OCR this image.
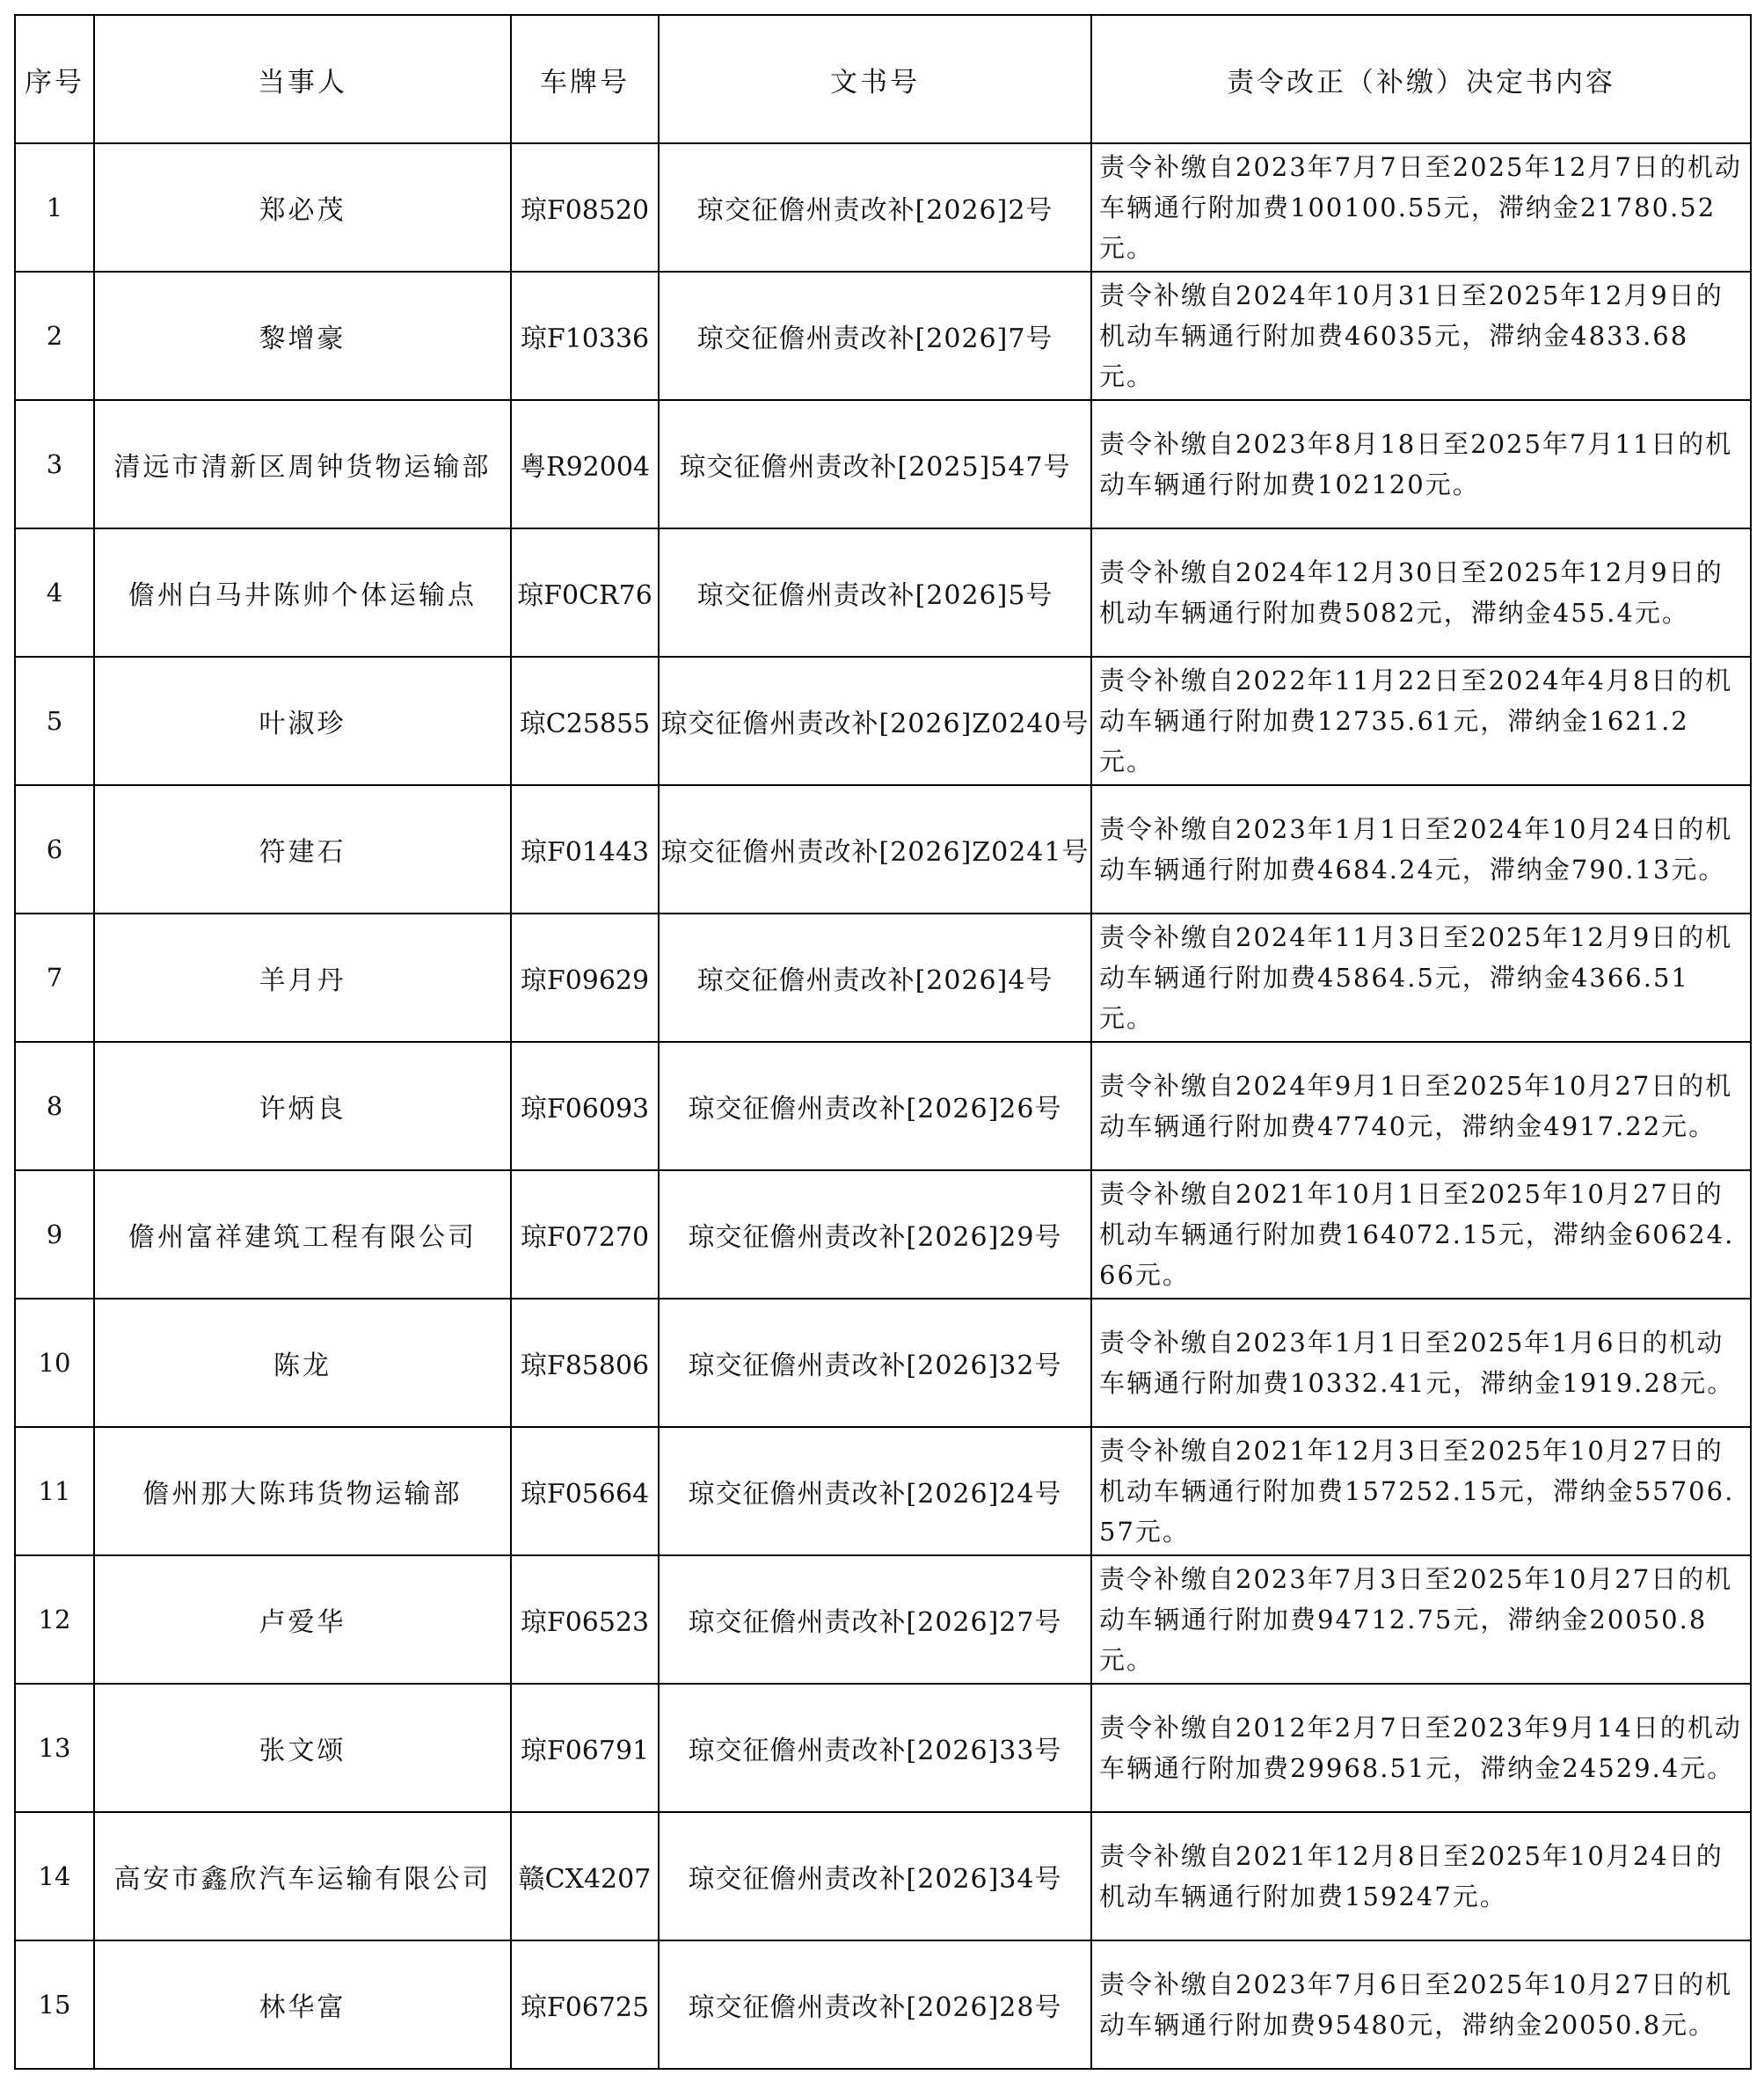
序号	当事人	车牌号	文书号	责令改正（补缴）决定书内容
1	郑必茂	琼F08520	琼交征儋州责改补[2026]2号	责令补缴自2023年7月7日至2025年12月7日的机动车辆通行附加费100100.55元，滞纳金21780.52元。
2	黎增豪	琼F10336	琼交征儋州责改补[2026]7号	责令补缴自2024年10月31日至2025年12月9日的机动车辆通行附加费46035元，滞纳金4833.68元。
3	清远市清新区周钟货物运输部	粤R92004	琼交征儋州责改补[2025]547号	责令补缴自2023年8月18日至2025年7月11日的机动车辆通行附加费102120元。
4	儋州白马井陈帅个体运输点	琼F0CR76	琼交征儋州责改补[2026]5号	责令补缴自2024年12月30日至2025年12月9日的机动车辆通行附加费5082元，滞纳金455.4元。
5	叶淑珍	琼C25855	琼交征儋州责改补[2026]Z0240号	责令补缴自2022年11月22日至2024年4月8日的机动车辆通行附加费12735.61元，滞纳金1621.2元。
6	符建石	琼F01443	琼交征儋州责改补[2026]Z0241号	责令补缴自2023年1月1日至2024年10月24日的机动车辆通行附加费4684.24元，滞纳金790.13元。
7	羊月丹	琼F09629	琼交征儋州责改补[2026]4号	责令补缴自2024年11月3日至2025年12月9日的机动车辆通行附加费45864.5元，滞纳金4366.51元。
8	许炳良	琼F06093	琼交征儋州责改补[2026]26号	责令补缴自2024年9月1日至2025年10月27日的机动车辆通行附加费47740元，滞纳金4917.22元。
9	儋州富祥建筑工程有限公司	琼F07270	琼交征儋州责改补[2026]29号	责令补缴自2021年10月1日至2025年10月27日的机动车辆通行附加费164072.15元，滞纳金60624.66元。
10	陈龙	琼F85806	琼交征儋州责改补[2026]32号	责令补缴自2023年1月1日至2025年1月6日的机动车辆通行附加费10332.41元，滞纳金1919.28元。
11	儋州那大陈玮货物运输部	琼F05664	琼交征儋州责改补[2026]24号	责令补缴自2021年12月3日至2025年10月27日的机动车辆通行附加费157252.15元，滞纳金55706.57元。
12	卢爱华	琼F06523	琼交征儋州责改补[2026]27号	责令补缴自2023年7月3日至2025年10月27日的机动车辆通行附加费94712.75元，滞纳金20050.8元。
13	张文颂	琼F06791	琼交征儋州责改补[2026]33号	责令补缴自2012年2月7日至2023年9月14日的机动车辆通行附加费29968.51元，滞纳金24529.4元。
14	高安市鑫欣汽车运输有限公司	赣CX4207	琼交征儋州责改补[2026]34号	责令补缴自2021年12月8日至2025年10月24日的机动车辆通行附加费159247元。
15	林华富	琼F06725	琼交征儋州责改补[2026]28号	责令补缴自2023年7月6日至2025年10月27日的机动车辆通行附加费95480元，滞纳金20050.8元。
